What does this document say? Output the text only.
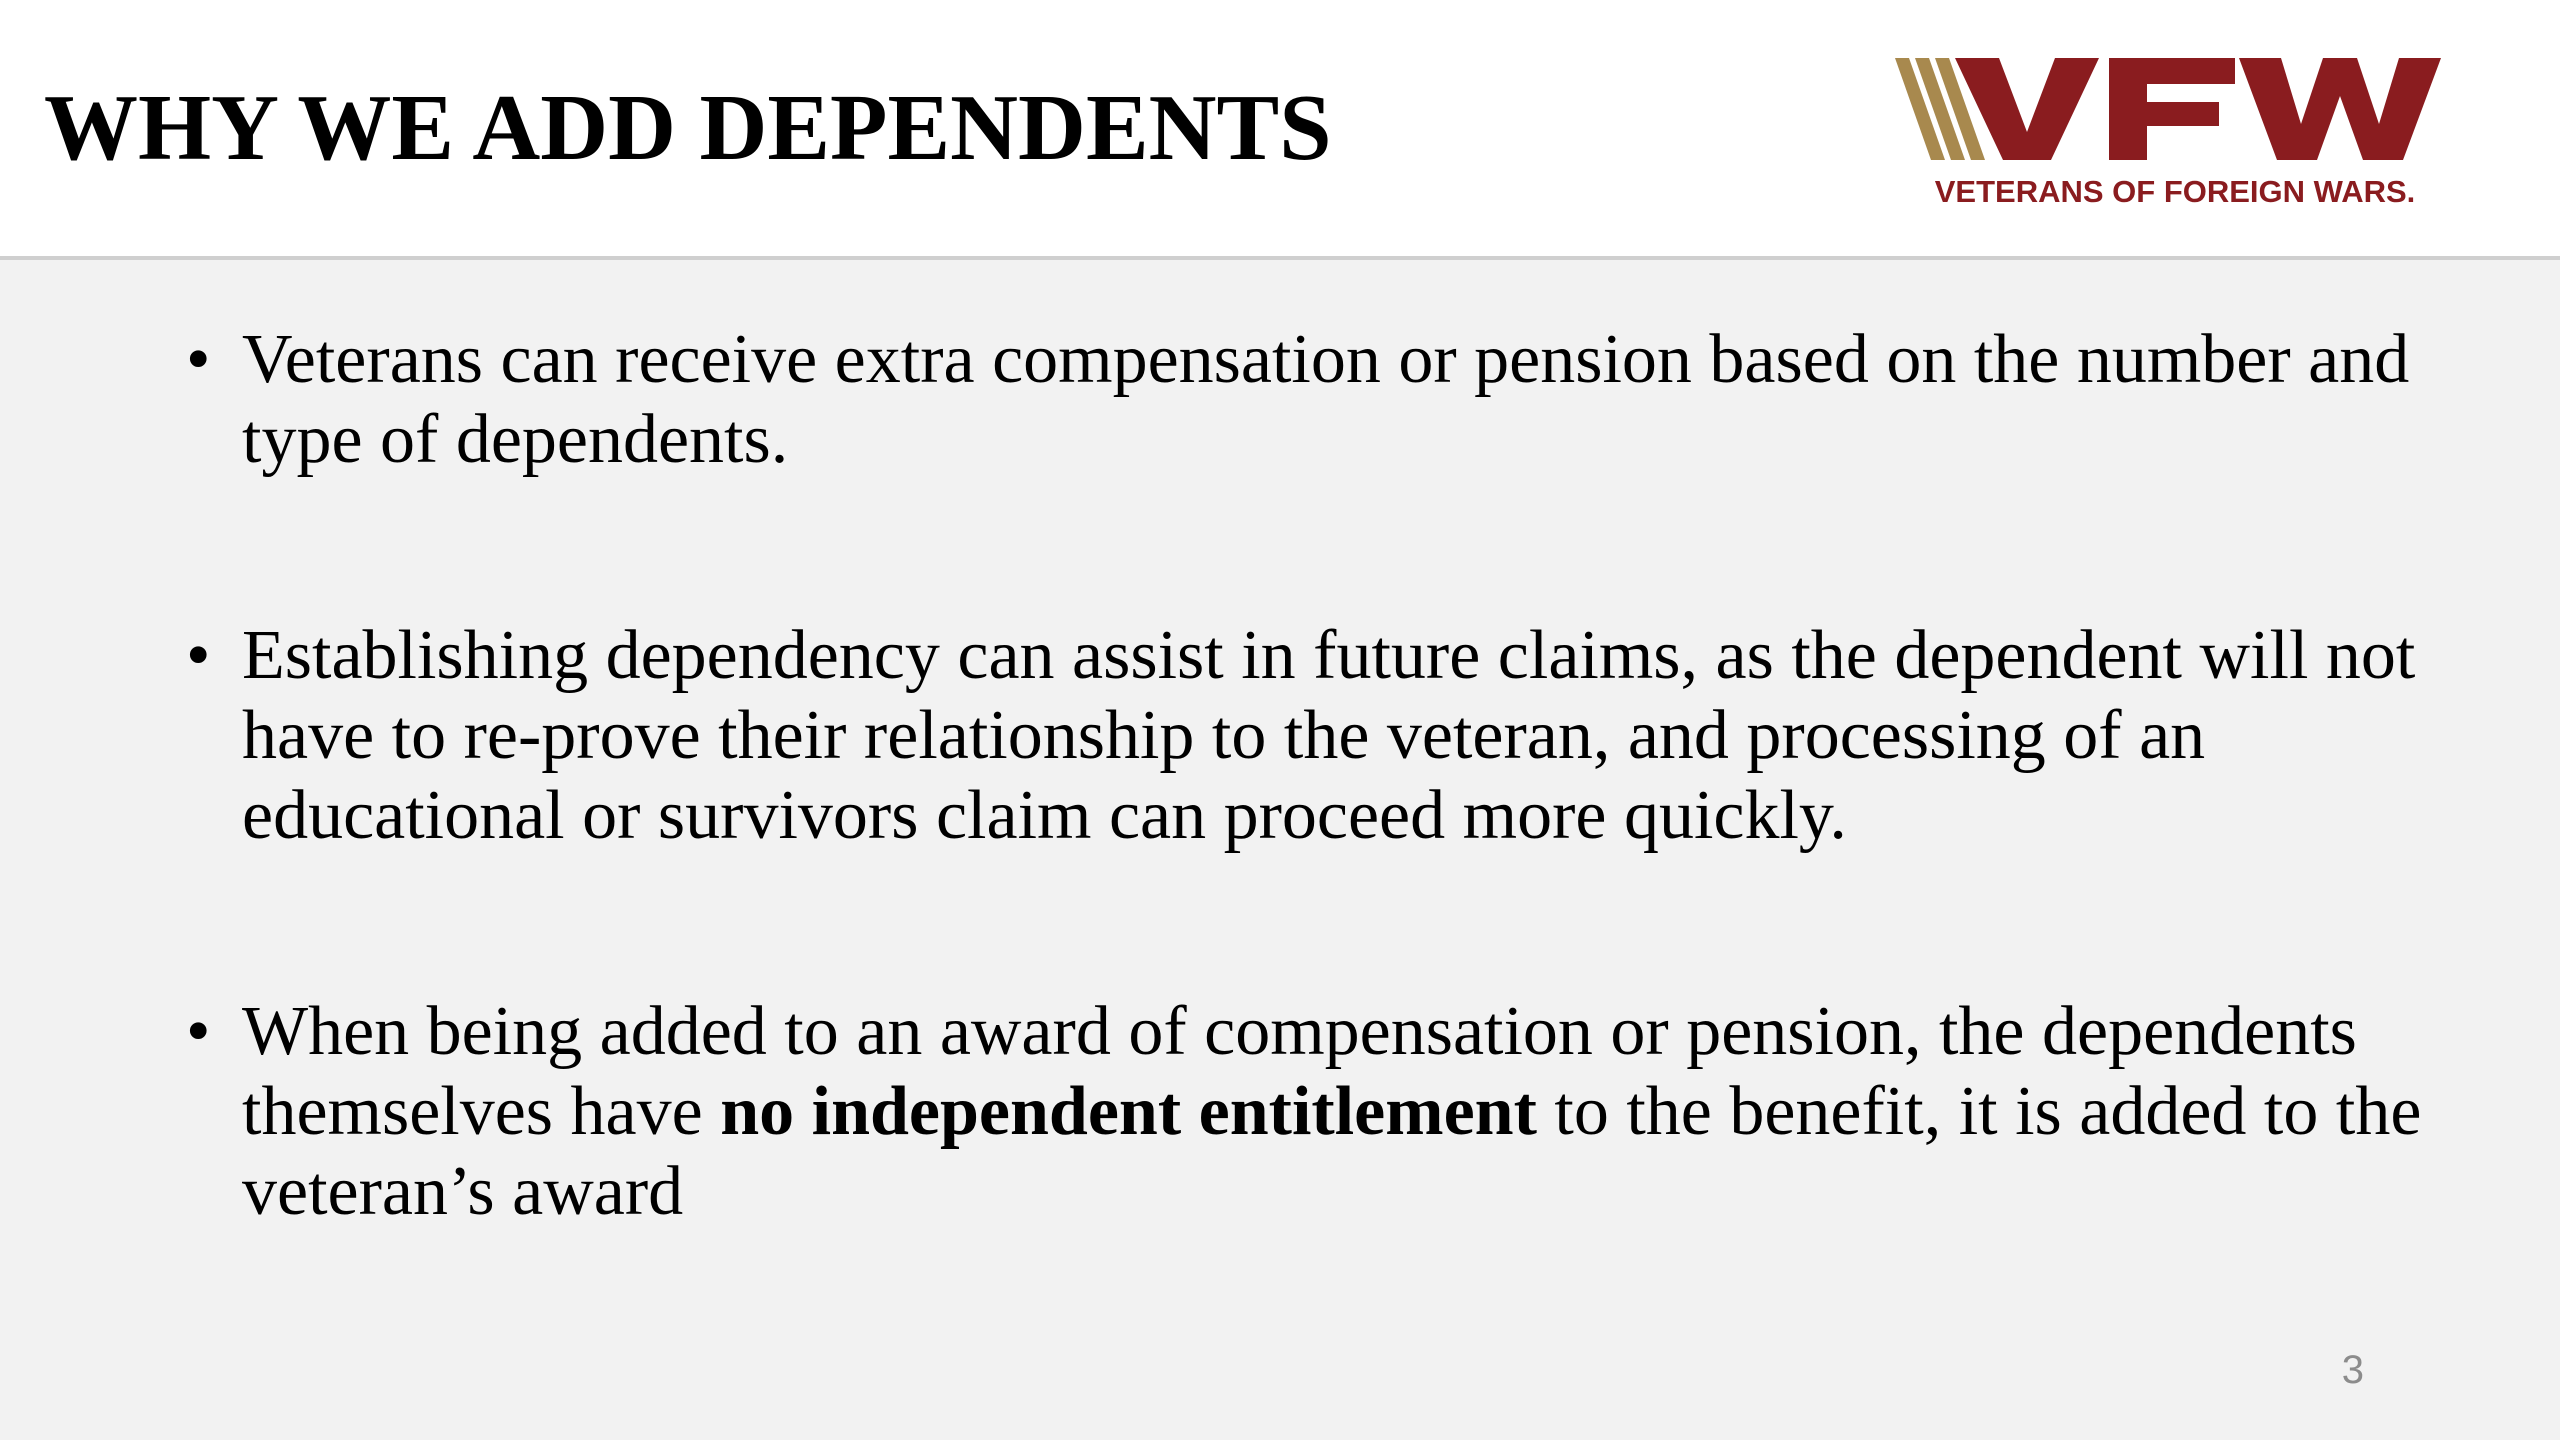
WHY WE ADD DEPENDENTS
VETERANS OF FOREIGN WARS.

• Veterans can receive extra compensation or pension based on the number and type of dependents.

• Establishing dependency can assist in future claims, as the dependent will not have to re-prove their relationship to the veteran, and processing of an educational or survivors claim can proceed more quickly.

• When being added to an award of compensation or pension, the dependents themselves have no independent entitlement to the benefit, it is added to the veteran’s award

3
